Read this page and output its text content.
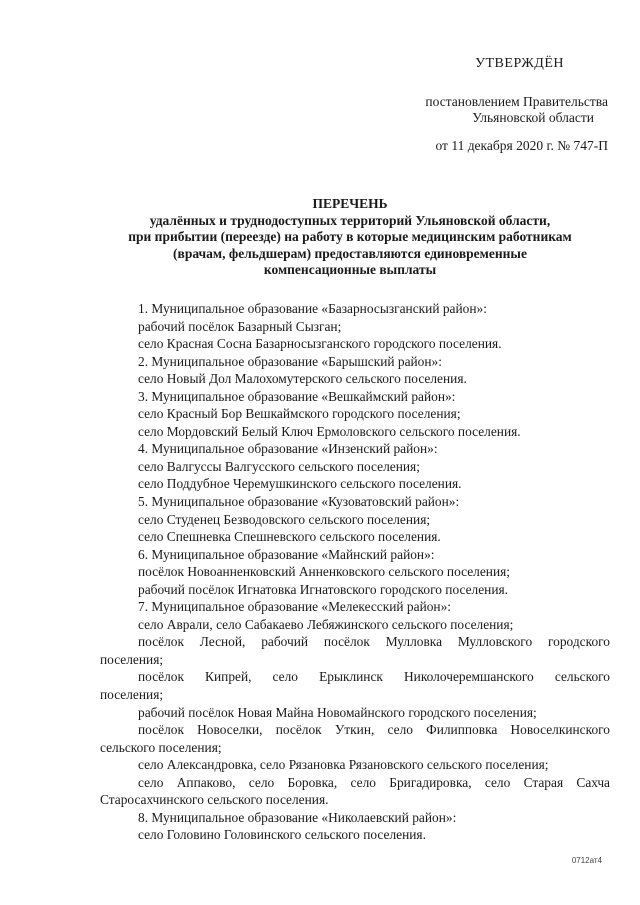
УТВЕРЖДЁН
постановлением Правительства
Ульяновской области
от 11 декабря 2020 г. № 747-П
ПЕРЕЧЕНЬ
удалённых и труднодоступных территорий Ульяновской области,
при прибытии (переезде) на работу в которые медицинским работникам
(врачам, фельдшерам) предоставляются единовременные
компенсационные выплаты
1. Муниципальное образование «Базарносызганский район»:
рабочий посёлок Базарный Сызган;
село Красная Сосна Базарносызганского городского поселения.
2. Муниципальное образование «Барышский район»:
село Новый Дол Малохомутерского сельского поселения.
3. Муниципальное образование «Вешкаймский район»:
село Красный Бор Вешкаймского городского поселения;
село Мордовский Белый Ключ Ермоловского сельского поселения.
4. Муниципальное образование «Инзенский район»:
село Валгуссы Валгусского сельского поселения;
село Поддубное Черемушкинского сельского поселения.
5. Муниципальное образование «Кузоватовский район»:
село Студенец Безводовского сельского поселения;
село Спешневка Спешневского сельского поселения.
6. Муниципальное образование «Майнский район»:
посёлок Новоанненковский Анненковского сельского поселения;
рабочий посёлок Игнатовка Игнатовского городского поселения.
7. Муниципальное образование «Мелекесский район»:
село Аврали, село Сабакаево Лебяжинского сельского поселения;
посёлок Лесной, рабочий посёлок Мулловка Мулловского городского
поселения;
посёлок Кипрей, село Ерыклинск Николочеремшанского сельского
поселения;
рабочий посёлок Новая Майна Новомайнского городского поселения;
посёлок Новоселки, посёлок Уткин, село Филипповка Новоселкинского
сельского поселения;
село Александровка, село Рязановка Рязановского сельского поселения;
село Аппаково, село Боровка, село Бригадировка, село Старая Сахча
Старосахчинского сельского поселения.
8. Муниципальное образование «Николаевский район»:
село Головино Головинского сельского поселения.
0712ат4
